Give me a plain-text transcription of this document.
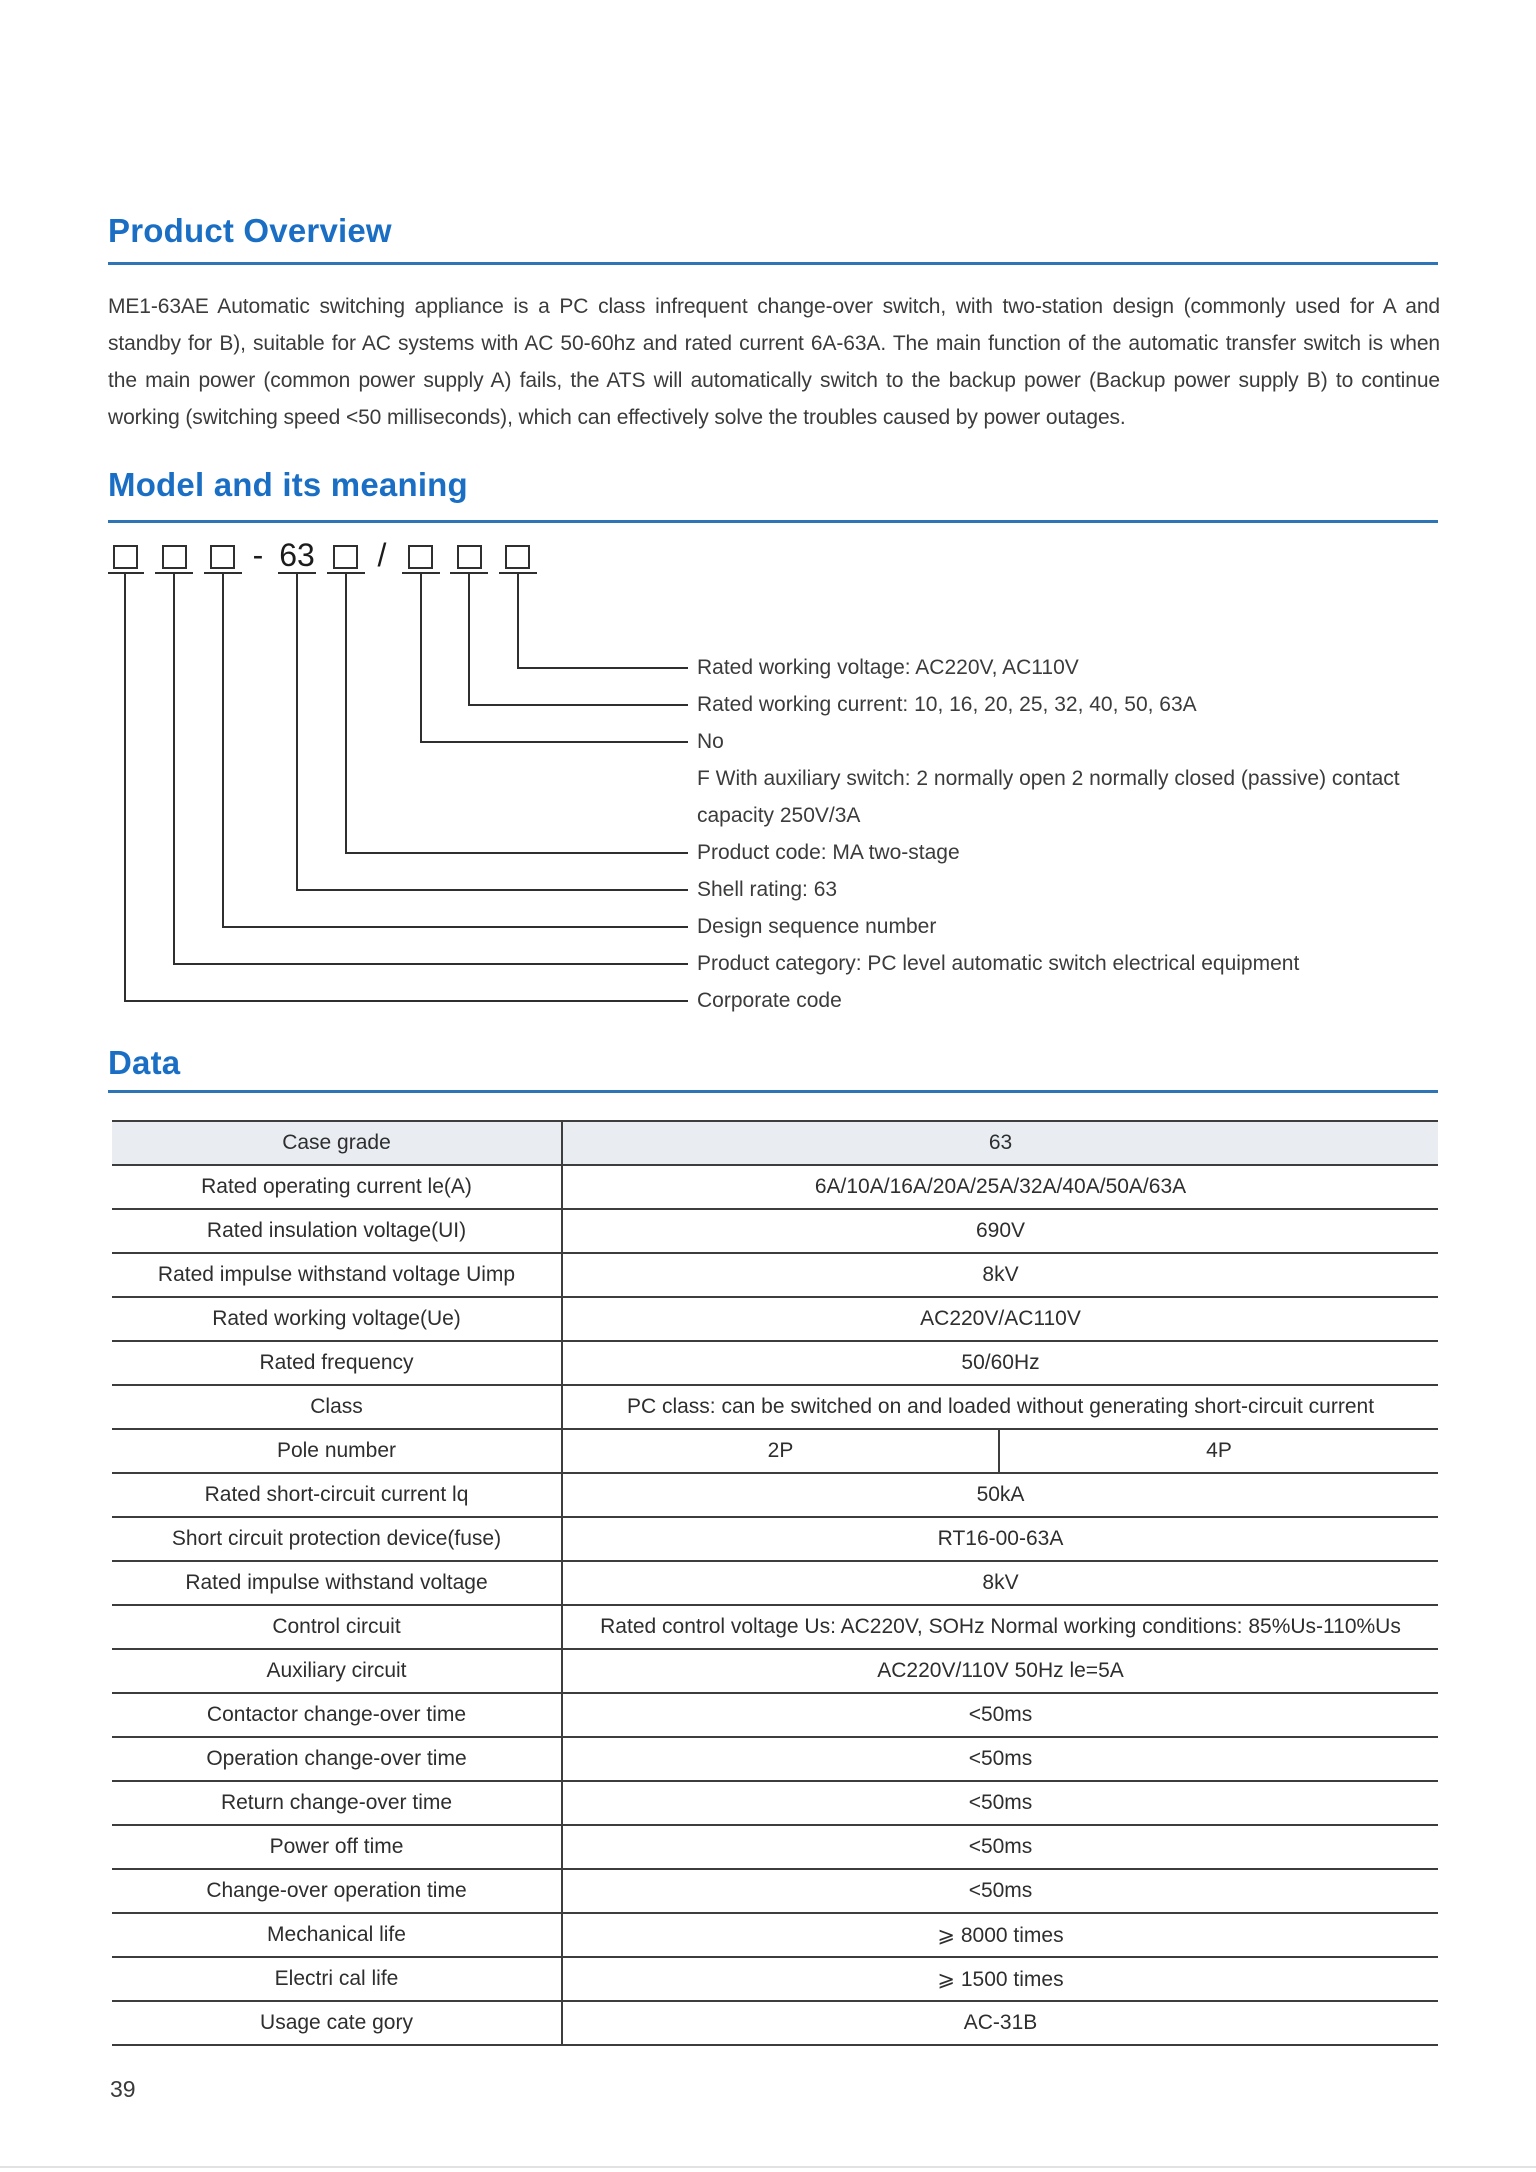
Product Overview
ME1-63AE Automatic switching appliance is a PC class infrequent change-over switch, with two-station design (commonly used for A and standby for B), suitable for AC systems with AC 50-60hz and rated current 6A-63A. The main function of the automatic transfer switch is when the main power (common power supply A) fails, the ATS will automatically switch to the backup power (Backup power supply B) to continue working (switching speed <50 milliseconds), which can effectively solve the troubles caused by power outages.
Model and its meaning
- 63 /
Rated working voltage: AC220V, AC110V
Rated working current: 10, 16, 20, 25, 32, 40, 50, 63A
No
F With auxiliary switch: 2 normally open 2 normally closed (passive) contact
capacity 250V/3A
Product code: MA two-stage
Shell rating: 63
Design sequence number
Product category: PC level automatic switch electrical equipment
Corporate code
Data
Case grade	63
Rated operating current le(A)	6A/10A/16A/20A/25A/32A/40A/50A/63A
Rated insulation voltage(UI)	690V
Rated impulse withstand voltage Uimp	8kV
Rated working voltage(Ue)	AC220V/AC110V
Rated frequency	50/60Hz
Class	PC class: can be switched on and loaded without generating short-circuit current
Pole number	2P	4P
Rated short-circuit current lq	50kA
Short circuit protection device(fuse)	RT16-00-63A
Rated impulse withstand voltage	8kV
Control circuit	Rated control voltage Us: AC220V, SOHz Normal working conditions: 85%Us-110%Us
Auxiliary circuit	AC220V/110V 50Hz le=5A
Contactor change-over time	<50ms
Operation change-over time	<50ms
Return change-over time	<50ms
Power off time	<50ms
Change-over operation time	<50ms
Mechanical life	⩾ 8000 times
Electri cal life	⩾ 1500 times
Usage cate gory	AC-31B
39
